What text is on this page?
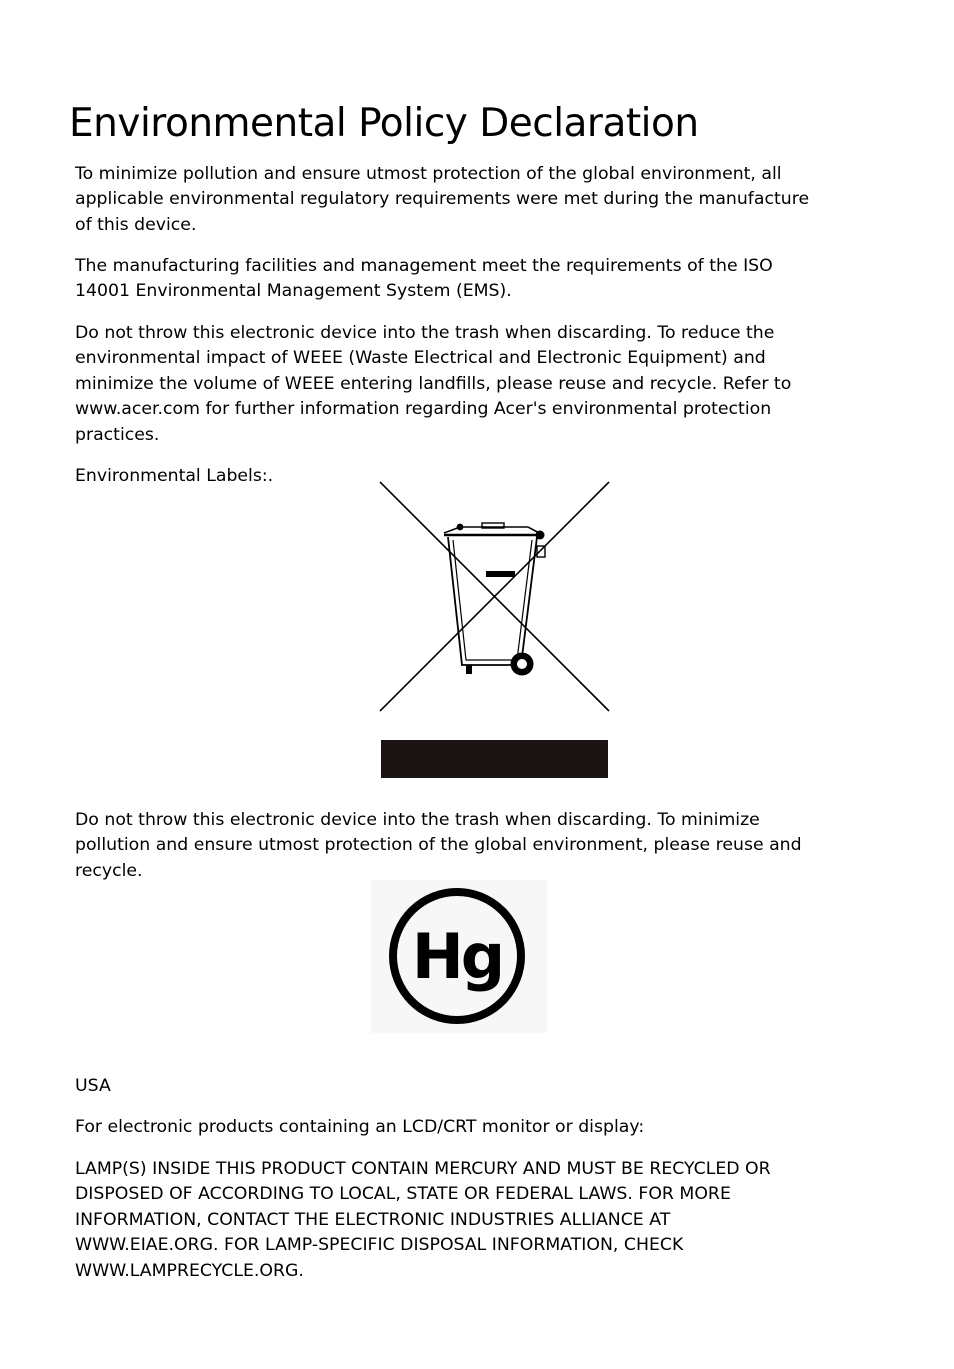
Environmental Policy Declaration

To minimize pollution and ensure utmost protection of the global environment, all
applicable environmental regulatory requirements were met during the manufacture
of this device.

The manufacturing facilities and management meet the requirements of the ISO
14001 Environmental Management System (EMS).

Do not throw this electronic device into the trash when discarding. To reduce the
environmental impact of WEEE (Waste Electrical and Electronic Equipment) and
minimize the volume of WEEE entering landfills, please reuse and recycle. Refer to
www.acer.com for further information regarding Acer's environmental protection
practices.

Environmental Labels:.

Do not throw this electronic device into the trash when discarding. To minimize
pollution and ensure utmost protection of the global environment, please reuse and
recycle.

Hg

USA

For electronic products containing an LCD/CRT monitor or display:

LAMP(S) INSIDE THIS PRODUCT CONTAIN MERCURY AND MUST BE RECYCLED OR
DISPOSED OF ACCORDING TO LOCAL, STATE OR FEDERAL LAWS. FOR MORE
INFORMATION, CONTACT THE ELECTRONIC INDUSTRIES ALLIANCE AT
WWW.EIAE.ORG. FOR LAMP-SPECIFIC DISPOSAL INFORMATION, CHECK
WWW.LAMPRECYCLE.ORG.
